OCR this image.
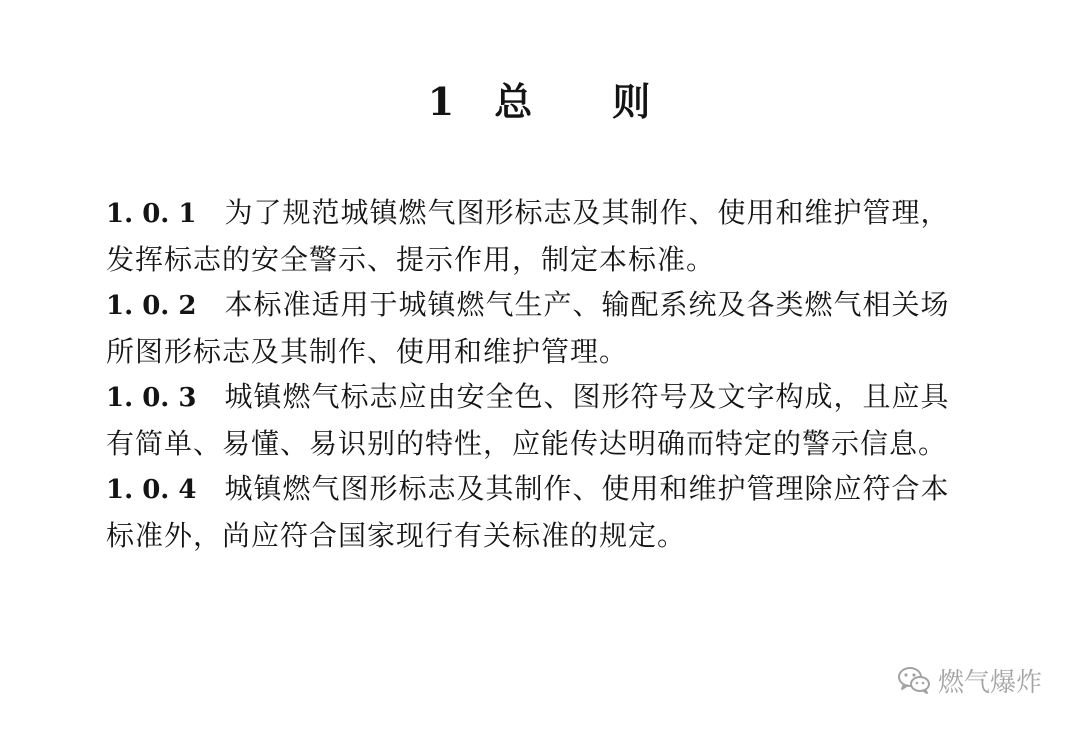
1 总 则

1. 0. 1 为了规范城镇燃气图形标志及其制作、使用和维护管理，发挥标志的安全警示、提示作用，制定本标准。

1. 0. 2 本标准适用于城镇燃气生产、输配系统及各类燃气相关场所图形标志及其制作、使用和维护管理。

1. 0. 3 城镇燃气标志应由安全色、图形符号及文字构成，且应具有简单、易懂、易识别的特性，应能传达明确而特定的警示信息。

1. 0. 4 城镇燃气图形标志及其制作、使用和维护管理除应符合本标准外，尚应符合国家现行有关标准的规定。

燃气爆炸
